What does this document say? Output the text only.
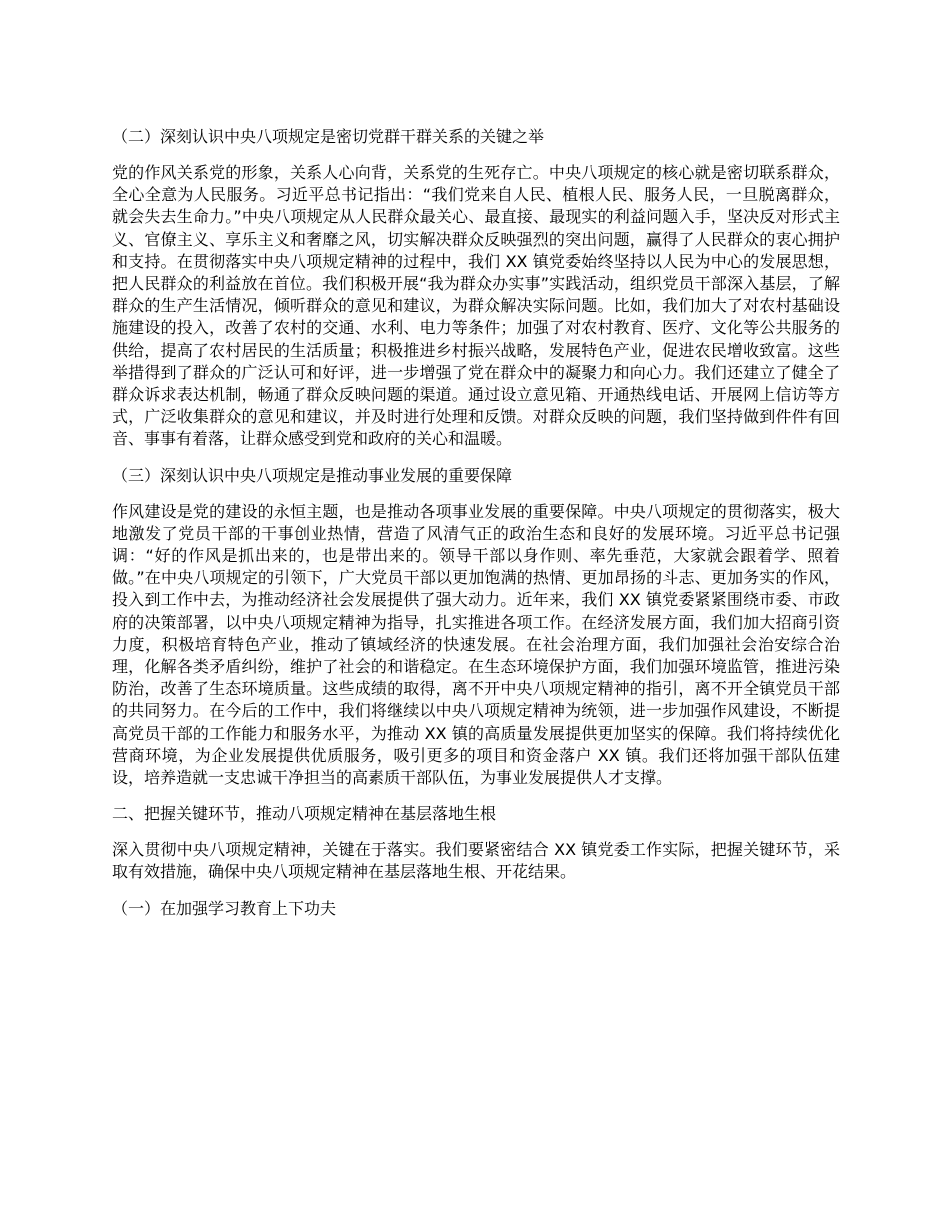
（二）深刻认识中央八项规定是密切党群干群关系的关键之举

党的作风关系党的形象，关系人心向背，关系党的生死存亡。中央八项规定的核心就是密切联系群众，全心全意为人民服务。习近平总书记指出：“我们党来自人民、植根人民、服务人民，一旦脱离群众，就会失去生命力。”中央八项规定从人民群众最关心、最直接、最现实的利益问题入手，坚决反对形式主义、官僚主义、享乐主义和奢靡之风，切实解决群众反映强烈的突出问题，赢得了人民群众的衷心拥护和支持。在贯彻落实中央八项规定精神的过程中，我们 XX 镇党委始终坚持以人民为中心的发展思想，把人民群众的利益放在首位。我们积极开展“我为群众办实事”实践活动，组织党员干部深入基层，了解群众的生产生活情况，倾听群众的意见和建议，为群众解决实际问题。比如，我们加大了对农村基础设施建设的投入，改善了农村的交通、水利、电力等条件；加强了对农村教育、医疗、文化等公共服务的供给，提高了农村居民的生活质量；积极推进乡村振兴战略，发展特色产业，促进农民增收致富。这些举措得到了群众的广泛认可和好评，进一步增强了党在群众中的凝聚力和向心力。我们还建立了健全了群众诉求表达机制，畅通了群众反映问题的渠道。通过设立意见箱、开通热线电话、开展网上信访等方式，广泛收集群众的意见和建议，并及时进行处理和反馈。对群众反映的问题，我们坚持做到件件有回音、事事有着落，让群众感受到党和政府的关心和温暖。

（三）深刻认识中央八项规定是推动事业发展的重要保障

作风建设是党的建设的永恒主题，也是推动各项事业发展的重要保障。中央八项规定的贯彻落实，极大地激发了党员干部的干事创业热情，营造了风清气正的政治生态和良好的发展环境。习近平总书记强调：“好的作风是抓出来的，也是带出来的。领导干部以身作则、率先垂范，大家就会跟着学、照着做。”在中央八项规定的引领下，广大党员干部以更加饱满的热情、更加昂扬的斗志、更加务实的作风，投入到工作中去，为推动经济社会发展提供了强大动力。近年来，我们 XX 镇党委紧紧围绕市委、市政府的决策部署，以中央八项规定精神为指导，扎实推进各项工作。在经济发展方面，我们加大招商引资力度，积极培育特色产业，推动了镇域经济的快速发展。在社会治理方面，我们加强社会治安综合治理，化解各类矛盾纠纷，维护了社会的和谐稳定。在生态环境保护方面，我们加强环境监管，推进污染防治，改善了生态环境质量。这些成绩的取得，离不开中央八项规定精神的指引，离不开全镇党员干部的共同努力。在今后的工作中，我们将继续以中央八项规定精神为统领，进一步加强作风建设，不断提高党员干部的工作能力和服务水平，为推动 XX 镇的高质量发展提供更加坚实的保障。我们将持续优化营商环境，为企业发展提供优质服务，吸引更多的项目和资金落户 XX 镇。我们还将加强干部队伍建设，培养造就一支忠诚干净担当的高素质干部队伍，为事业发展提供人才支撑。

二、把握关键环节，推动八项规定精神在基层落地生根

深入贯彻中央八项规定精神，关键在于落实。我们要紧密结合 XX 镇党委工作实际，把握关键环节，采取有效措施，确保中央八项规定精神在基层落地生根、开花结果。

（一）在加强学习教育上下功夫
